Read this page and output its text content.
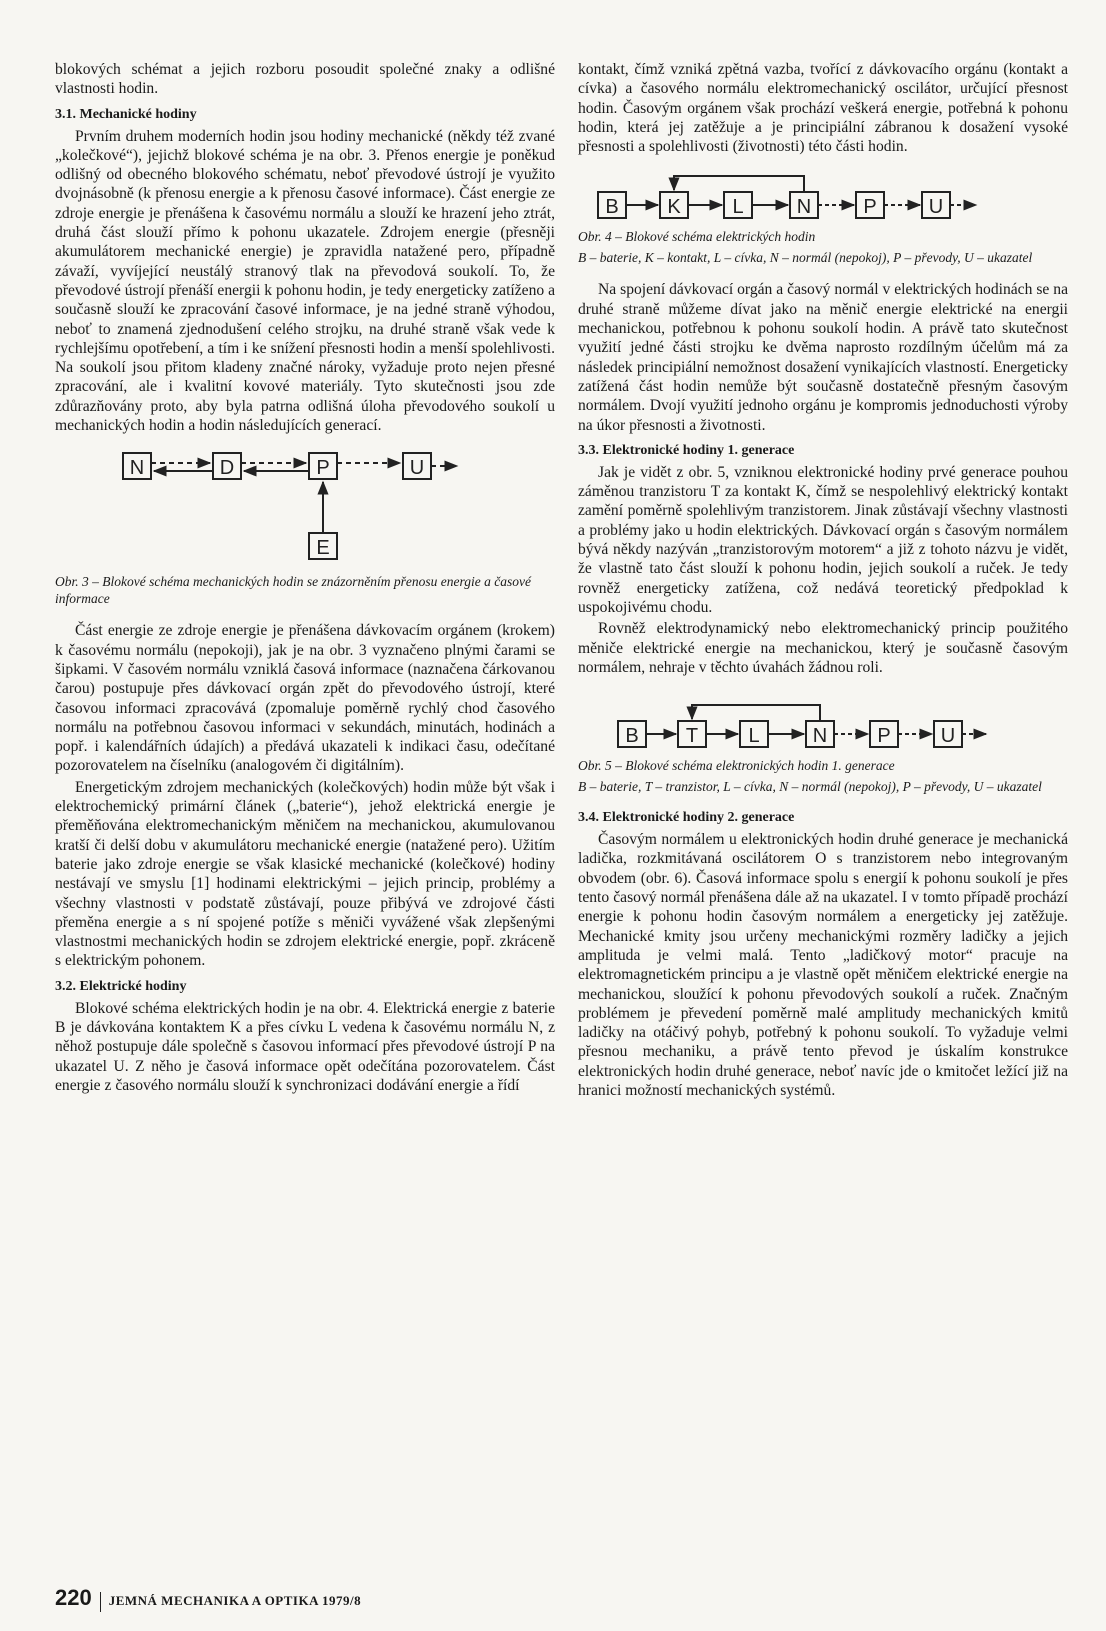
blokových schémat a jejich rozboru posoudit společné znaky a odlišné vlastnosti hodin.

3.1. Mechanické hodiny

Prvním druhem moderních hodin jsou hodiny mechanické (někdy též zvané „kolečkové“), jejichž blokové schéma je na obr. 3. Přenos energie je poněkud odlišný od obecného blokového schématu, neboť převodové ústrojí je využito dvojnásobně (k přenosu energie a k přenosu časové informace). Část energie ze zdroje energie je přenášena k časovému normálu a slouží ke hrazení jeho ztrát, druhá část slouží přímo k pohonu ukazatele. Zdrojem energie (přesněji akumulátorem mechanické energie) je zpravidla natažené pero, případně závaží, vyvíjející neustálý stranový tlak na převodová soukolí. To, že převodové ústrojí přenáší energii k pohonu hodin, je tedy energeticky zatíženo a současně slouží ke zpracování časové informace, je na jedné straně výhodou, neboť to znamená zjednodušení celého strojku, na druhé straně však vede k rychlejšímu opotřebení, a tím i ke snížení přesnosti hodin a menší spolehlivosti. Na soukolí jsou přitom kladeny značné nároky, vyžaduje proto nejen přesné zpracování, ale i kvalitní kovové materiály. Tyto skutečnosti jsou zde zdůrazňovány proto, aby byla patrna odlišná úloha převodového soukolí u mechanických hodin a hodin následujících generací.

N	D	P	U
E
Obr. 3 – Blokové schéma mechanických hodin se znázorněním přenosu energie a časové informace

Část energie ze zdroje energie je přenášena dávkovacím orgánem (krokem) k časovému normálu (nepokoji), jak je na obr. 3 vyznačeno plnými čarami se šipkami. V časovém normálu vzniklá časová informace (naznačena čárkovanou čarou) postupuje přes dávkovací orgán zpět do převodového ústrojí, které časovou informaci zpracovává (zpomaluje poměrně rychlý chod časového normálu na potřebnou časovou informaci v sekundách, minutách, hodinách a popř. i kalendářních údajích) a předává ukazateli k indikaci času, odečítané pozorovatelem na číselníku (analogovém či digitálním).

Energetickým zdrojem mechanických (kolečkových) hodin může být však i elektrochemický primární článek („baterie“), jehož elektrická energie je přeměňována elektromechanickým měničem na mechanickou, akumulovanou kratší či delší dobu v akumulátoru mechanické energie (natažené pero). Užitím baterie jako zdroje energie se však klasické mechanické (kolečkové) hodiny nestávají ve smyslu [1] hodinami elektrickými – jejich princip, problémy a všechny vlastnosti v podstatě zůstávají, pouze přibývá ve zdrojové části přeměna energie a s ní spojené potíže s měniči vyvážené však zlepšenými vlastnostmi mechanických hodin se zdrojem elektrické energie, popř. zkráceně s elektrickým pohonem.

3.2. Elektrické hodiny

Blokové schéma elektrických hodin je na obr. 4. Elektrická energie z baterie B je dávkována kontaktem K a přes cívku L vedena k časovému normálu N, z něhož postupuje dále společně s časovou informací přes převodové ústrojí P na ukazatel U. Z něho je časová informace opět odečítána pozorovatelem. Část energie z časového normálu slouží k synchronizaci dodávání energie a řídí

kontakt, čímž vzniká zpětná vazba, tvořící z dávkovacího orgánu (kontakt a cívka) a časového normálu elektromechanický oscilátor, určující přesnost hodin. Časovým orgánem však prochází veškerá energie, potřebná k pohonu hodin, která jej zatěžuje a je principiální zábranou k dosažení vysoké přesnosti a spolehlivosti (životnosti) této části hodin.

B K	L	N	P	U
Obr. 4 – Blokové schéma elektrických hodin
B – baterie, K – kontakt, L – cívka, N – normál (nepokoj), P – převody, U – ukazatel

Na spojení dávkovací orgán a časový normál v elektrických hodinách se na druhé straně můžeme dívat jako na měnič energie elektrické na energii mechanickou, potřebnou k pohonu soukolí hodin. A právě tato skutečnost využití jedné části strojku ke dvěma naprosto rozdílným účelům má za následek principiální nemožnost dosažení vynikajících vlastností. Energeticky zatížená část hodin nemůže být současně dostatečně přesným časovým normálem. Dvojí využití jednoho orgánu je kompromis jednoduchosti výroby na úkor přesnosti a životnosti.

3.3. Elektronické hodiny 1. generace

Jak je vidět z obr. 5, vzniknou elektronické hodiny prvé generace pouhou záměnou tranzistoru T za kontakt K, čímž se nespolehlivý elektrický kontakt zamění poměrně spolehlivým tranzistorem. Jinak zůstávají všechny vlastnosti a problémy jako u hodin elektrických. Dávkovací orgán s časovým normálem bývá někdy nazýván „tranzistorovým motorem“ a již z tohoto názvu je vidět, že vlastně tato část slouží k pohonu hodin, jejich soukolí a ruček. Je tedy rovněž energeticky zatížena, což nedává teoretický předpoklad k uspokojivému chodu.

Rovněž elektrodynamický nebo elektromechanický princip použitého měniče elektrické energie na mechanickou, který je současně časovým normálem, nehraje v těchto úvahách žádnou roli.

B T	L	N	P	U
Obr. 5 – Blokové schéma elektronických hodin 1. generace
B – baterie, T – tranzistor, L – cívka, N – normál (nepokoj), P – převody, U – ukazatel
3.4. Elektronické hodiny 2. generace

Časovým normálem u elektronických hodin druhé generace je mechanická ladička, rozkmitávaná oscilátorem O s tranzistorem nebo integrovaným obvodem (obr. 6). Časová informace spolu s energií k pohonu soukolí je přes tento časový normál přenášena dále až na ukazatel. I v tomto případě prochází energie k pohonu hodin časovým normálem a energeticky jej zatěžuje. Mechanické kmity jsou určeny mechanickými rozměry ladičky a jejich amplituda je velmi malá. Tento „ladičkový motor“ pracuje na elektromagnetickém principu a je vlastně opět měničem elektrické energie na mechanickou, sloužící k pohonu převodových soukolí a ruček. Značným problémem je převedení poměrně malé amplitudy mechanických kmitů ladičky na otáčivý pohyb, potřebný k pohonu soukolí. To vyžaduje velmi přesnou mechaniku, a právě tento převod je úskalím konstrukce elektronických hodin druhé generace, neboť navíc jde o kmitočet ležící již na hranici možností mechanických systémů.

220 JEMNÁ MECHANIKA A OPTIKA 1979/8
